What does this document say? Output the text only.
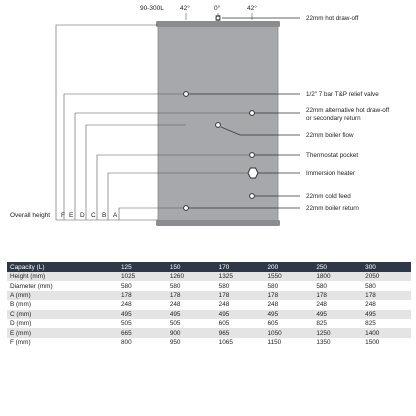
90-300L 42°	0°	42°
Overall height F E D C B A
22mm hot draw-off
1/2" 7 bar T&P relief valve
22mm alternative hot draw-off
or secondary return
22mm boiler flow
Thermostat pocket
Immersion heater
22mm cold feed
22mm boiler return
Capacity (L)	125	150	170	200	250	300
Height (mm)	1025	1260	1325	1550	1800	2050
Diameter (mm)	580	580	580	580	580	580
A (mm)	178	178	178	178	178	178
B (mm)	248	248	248	248	248	248
C (mm)	495	495	495	495	495	495
D (mm)	505	505	605	605	825	825
E (mm)	665	900	965	1050	1250	1400
F (mm)	800	950	1065	1150	1350	1500
